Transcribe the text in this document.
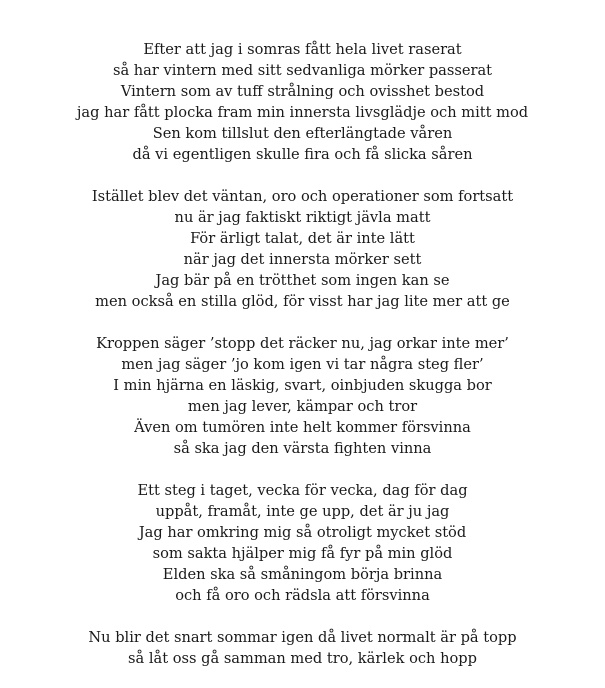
Efter att jag i somras fått hela livet raserat
så har vintern med sitt sedvanliga mörker passerat
Vintern som av tuff strålning och ovisshet bestod
jag har fått plocka fram min innersta livsglädje och mitt mod
Sen kom tillslut den efterlängtade våren
då vi egentligen skulle fira och få slicka såren
Istället blev det väntan, oro och operationer som fortsatt
nu är jag faktiskt riktigt jävla matt
För ärligt talat, det är inte lätt
när jag det innersta mörker sett
Jag bär på en trötthet som ingen kan se
men också en stilla glöd, för visst har jag lite mer att ge
Kroppen säger ’stopp det räcker nu, jag orkar inte mer’
men jag säger ’jo kom igen vi tar några steg fler’
I min hjärna en läskig, svart, oinbjuden skugga bor
men jag lever, kämpar och tror
Även om tumören inte helt kommer försvinna
så ska jag den värsta fighten vinna
Ett steg i taget, vecka för vecka, dag för dag
uppåt, framåt, inte ge upp, det är ju jag
Jag har omkring mig så otroligt mycket stöd
som sakta hjälper mig få fyr på min glöd
Elden ska så småningom börja brinna
och få oro och rädsla att försvinna
Nu blir det snart sommar igen då livet normalt är på topp
så låt oss gå samman med tro, kärlek och hopp
